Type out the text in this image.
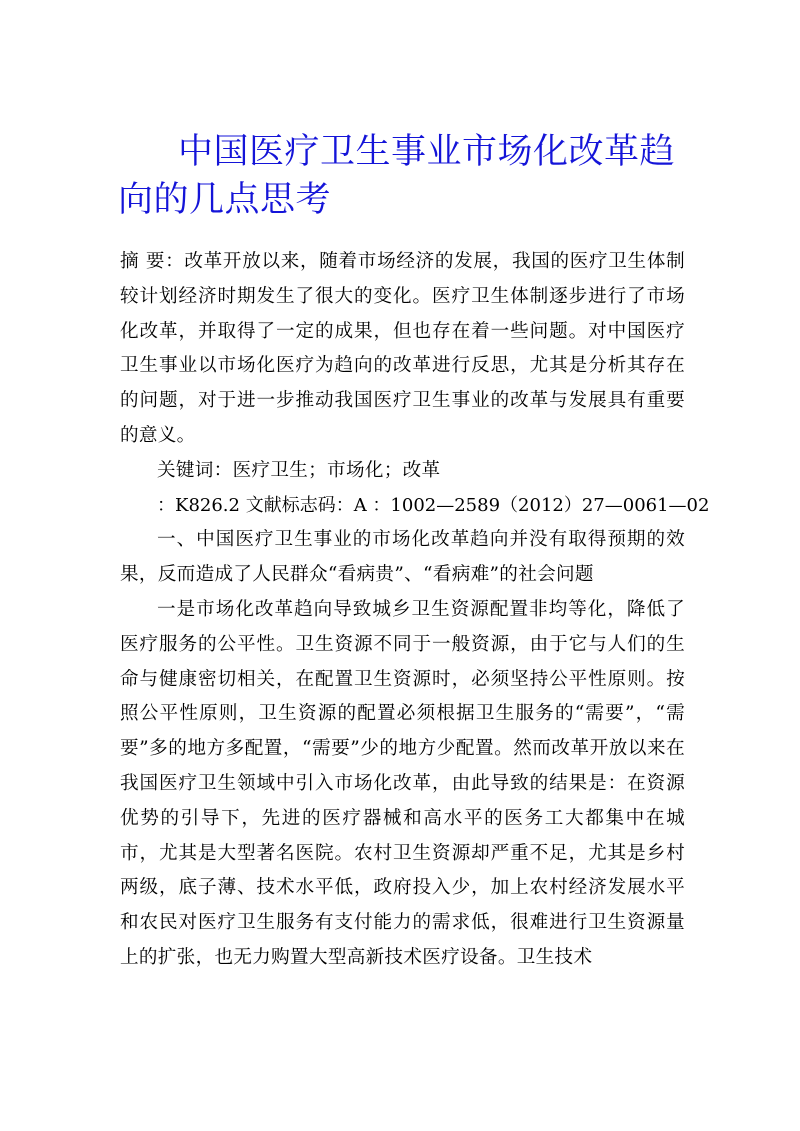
中国医疗卫生事业市场化改革趋向的几点思考

摘 要：改革开放以来，随着市场经济的发展，我国的医疗卫生体制较计划经济时期发生了很大的变化。医疗卫生体制逐步进行了市场化改革，并取得了一定的成果，但也存在着一些问题。对中国医疗卫生事业以市场化医疗为趋向的改革进行反思，尤其是分析其存在的问题，对于进一步推动我国医疗卫生事业的改革与发展具有重要的意义。

关键词：医疗卫生；市场化；改革

：K826.2 文献标志码：A ：1002—2589（2012）27—0061—02

一、中国医疗卫生事业的市场化改革趋向并没有取得预期的效果，反而造成了人民群众“看病贵”、“看病难”的社会问题

一是市场化改革趋向导致城乡卫生资源配置非均等化，降低了医疗服务的公平性。卫生资源不同于一般资源，由于它与人们的生命与健康密切相关，在配置卫生资源时，必须坚持公平性原则。按照公平性原则，卫生资源的配置必须根据卫生服务的“需要”，“需要”多的地方多配置，“需要”少的地方少配置。然而改革开放以来在我国医疗卫生领域中引入市场化改革，由此导致的结果是：在资源优势的引导下，先进的医疗器械和高水平的医务工大都集中在城市，尤其是大型著名医院。农村卫生资源却严重不足，尤其是乡村两级，底子薄、技术水平低，政府投入少，加上农村经济发展水平和农民对医疗卫生服务有支付能力的需求低，很难进行卫生资源量上的扩张，也无力购置大型高新技术医疗设备。卫生技术
